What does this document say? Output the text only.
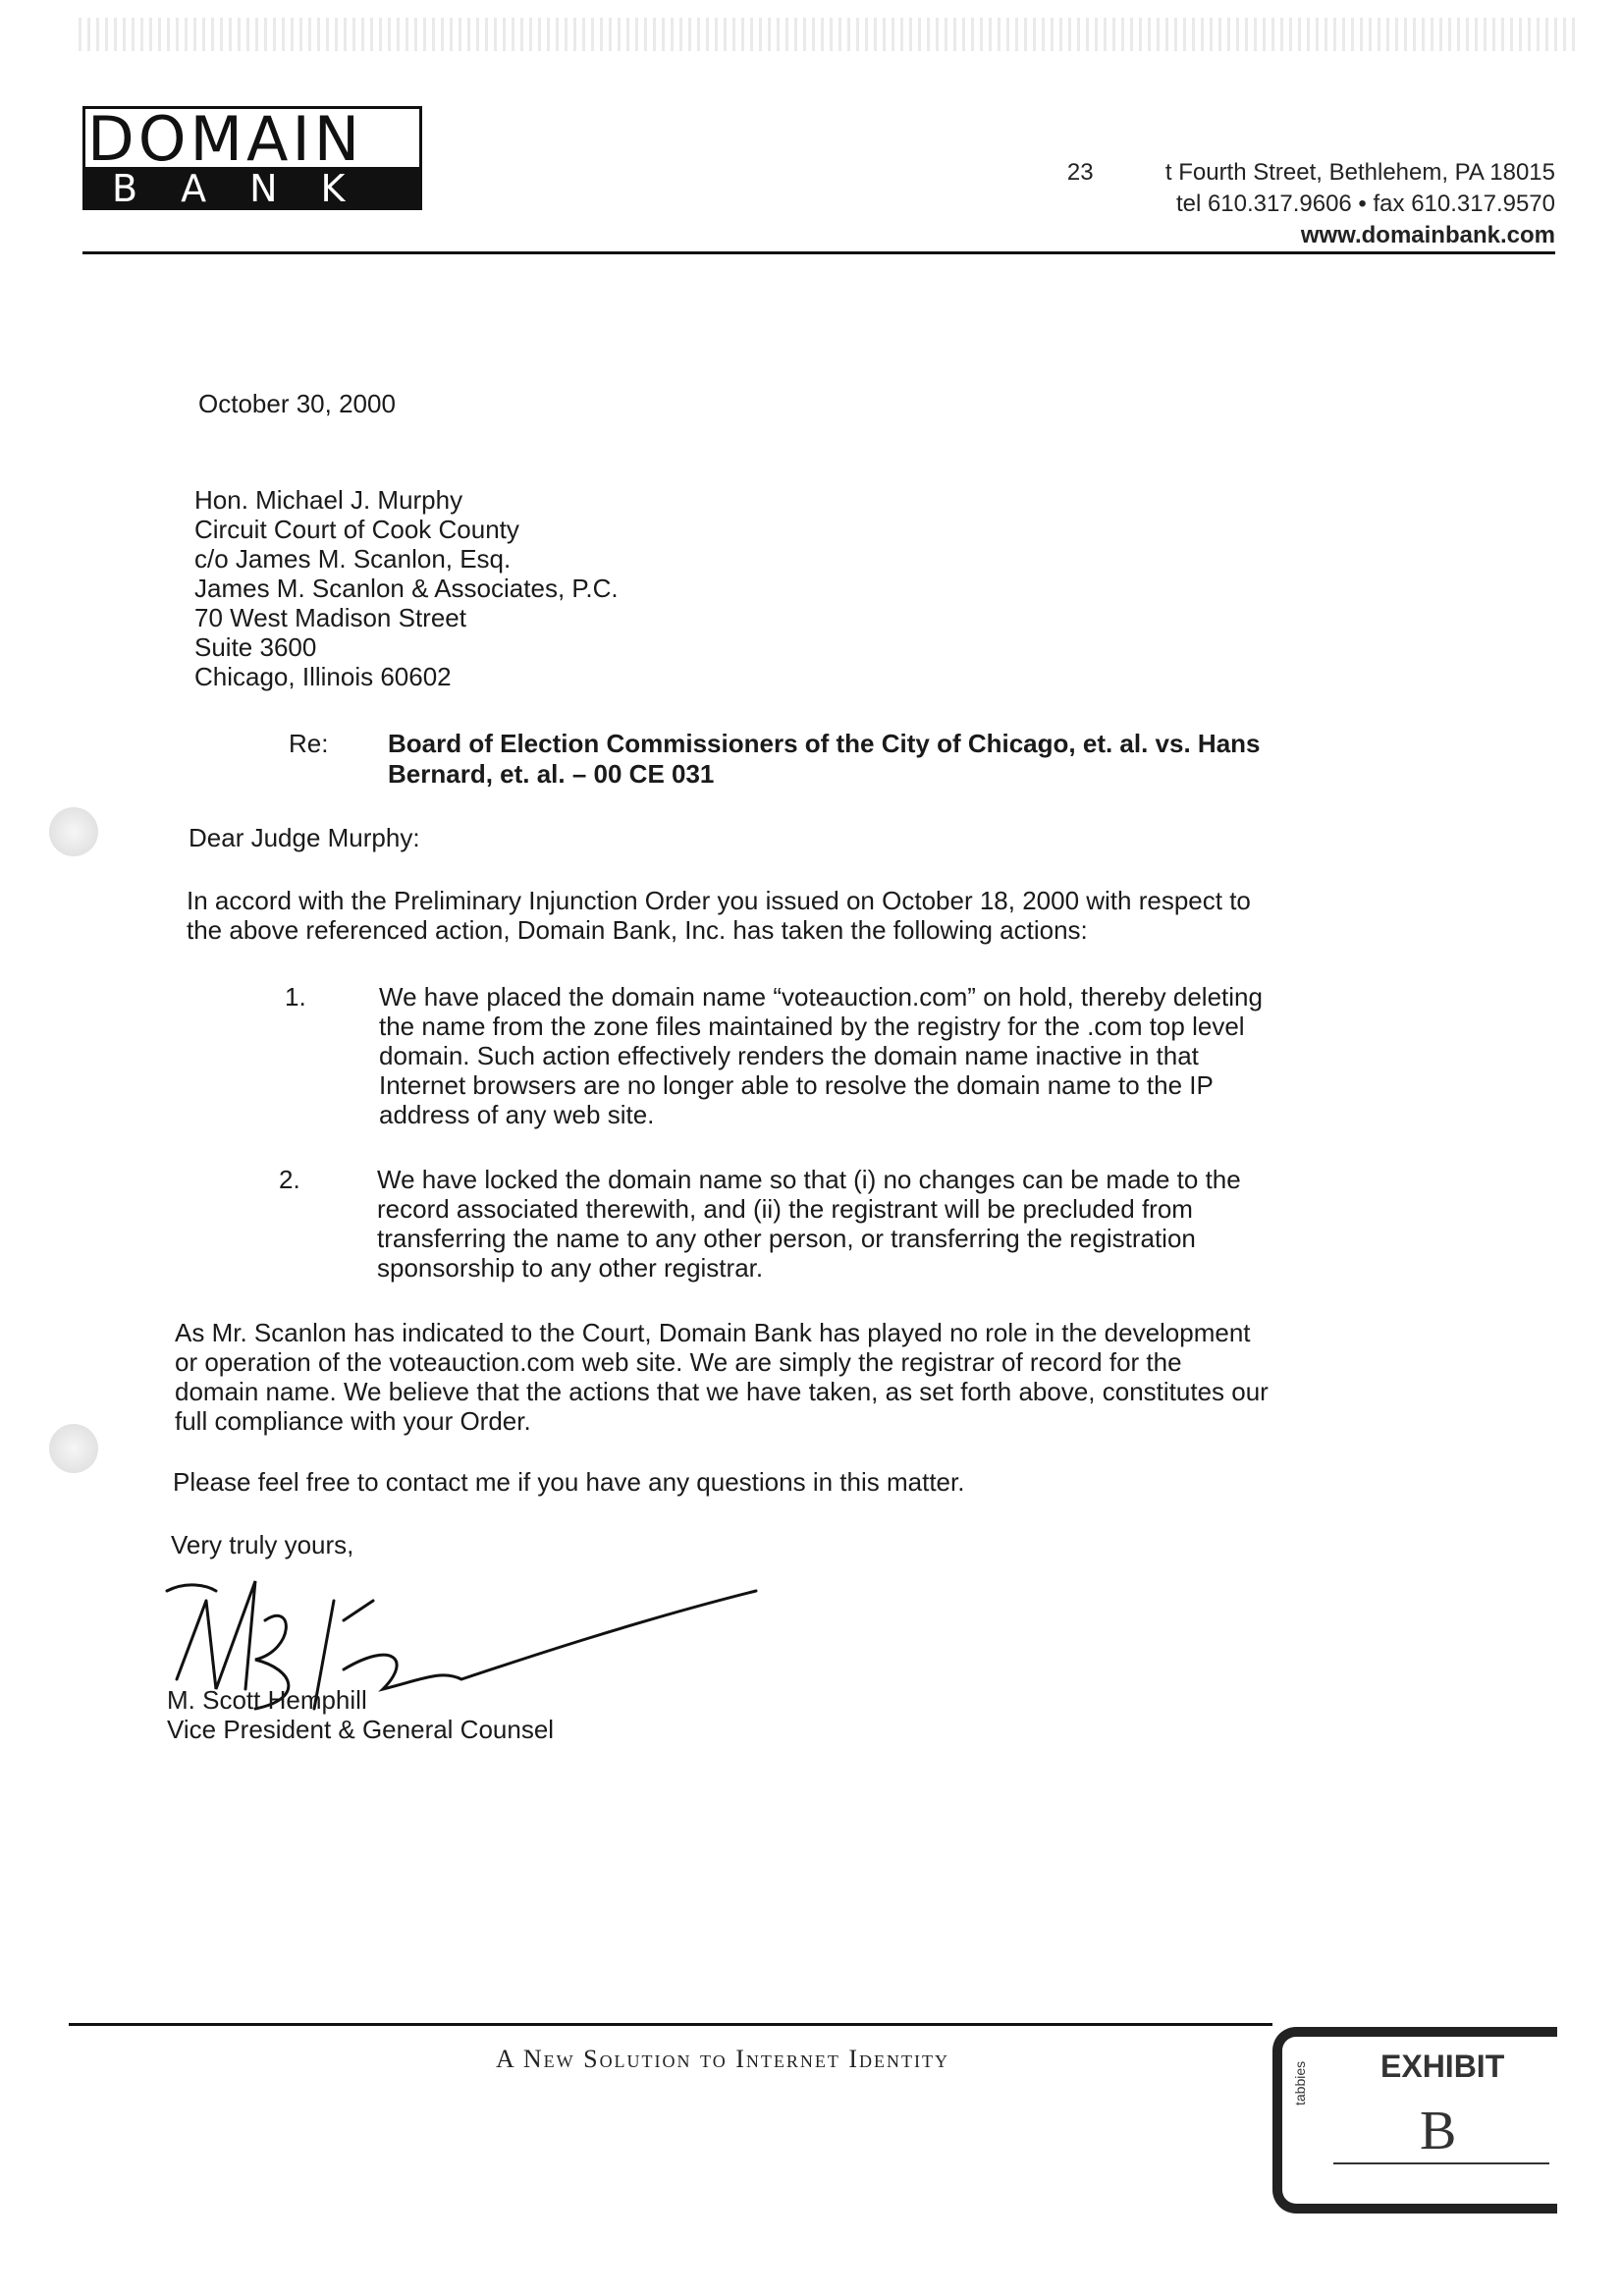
DOMAIN
BANK	23	t Fourth Street, Bethlehem, PA 18015
tel 610.317.9606 • fax 610.317.9570
www.domainbank.com
October 30, 2000
Hon. Michael J. Murphy
Circuit Court of Cook County
c/o James M. Scanlon, Esq.
James M. Scanlon & Associates, P.C.
70 West Madison Street
Suite 3600
Chicago, Illinois 60602
Re: Board of Election Commissioners of the City of Chicago, et. al. vs. Hans
Bernard, et. al. – 00 CE 031
Dear Judge Murphy:
In accord with the Preliminary Injunction Order you issued on October 18, 2000 with respect to
the above referenced action, Domain Bank, Inc. has taken the following actions:
1.	We have placed the domain name “voteauction.com” on hold, thereby deleting
the name from the zone files maintained by the registry for the .com top level
domain. Such action effectively renders the domain name inactive in that
Internet browsers are no longer able to resolve the domain name to the IP
address of any web site.
2.	We have locked the domain name so that (i) no changes can be made to the
record associated therewith, and (ii) the registrant will be precluded from
transferring the name to any other person, or transferring the registration
sponsorship to any other registrar.
As Mr. Scanlon has indicated to the Court, Domain Bank has played no role in the development
or operation of the voteauction.com web site. We are simply the registrar of record for the
domain name. We believe that the actions that we have taken, as set forth above, constitutes our
full compliance with your Order.
Please feel free to contact me if you have any questions in this matter.
Very truly yours,
M. Scott Hemphill
Vice President & General Counsel
A New Solution to Internet Identity
tabbies EXHIBIT
B
